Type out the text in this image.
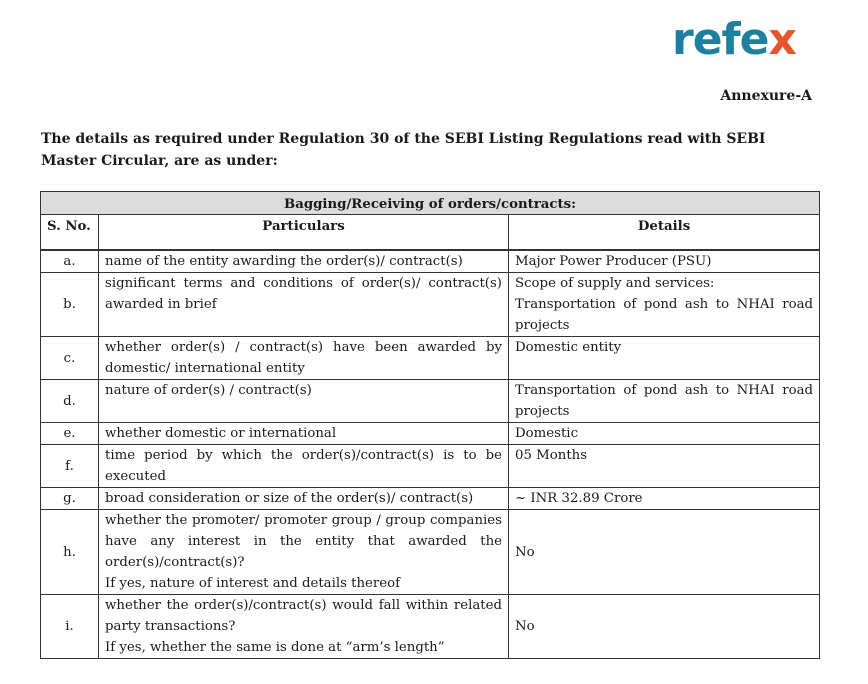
refex
Annexure-A
The details as required under Regulation 30 of the SEBI Listing Regulations read with SEBI Master Circular, are as under:
Bagging/Receiving of orders/contracts:		
S. No.	Particulars	Details
a.	name of the entity awarding the order(s)/ contract(s)	Major Power Producer (PSU)

b.	significant terms and conditions of order(s)/ contract(s) awarded in brief	Scope of supply and services:
Transportation of pond ash to NHAI road projects

c.	whether order(s) / contract(s) have been awarded by domestic/ international entity	Domestic entity

d.	nature of order(s) / contract(s)	Transportation of pond ash to NHAI road projects

e.	whether domestic or international	Domestic

f.	time period by which the order(s)/contract(s) is to be executed	05 Months

g.	broad consideration or size of the order(s)/ contract(s)	~ INR 32.89 Crore

h.	whether the promoter/ promoter group / group companies have any interest in the entity that awarded the order(s)/contract(s)?
If yes, nature of interest and details thereof	No

i.	whether the order(s)/contract(s) would fall within related party transactions?
If yes, whether the same is done at “arm’s length”	No
